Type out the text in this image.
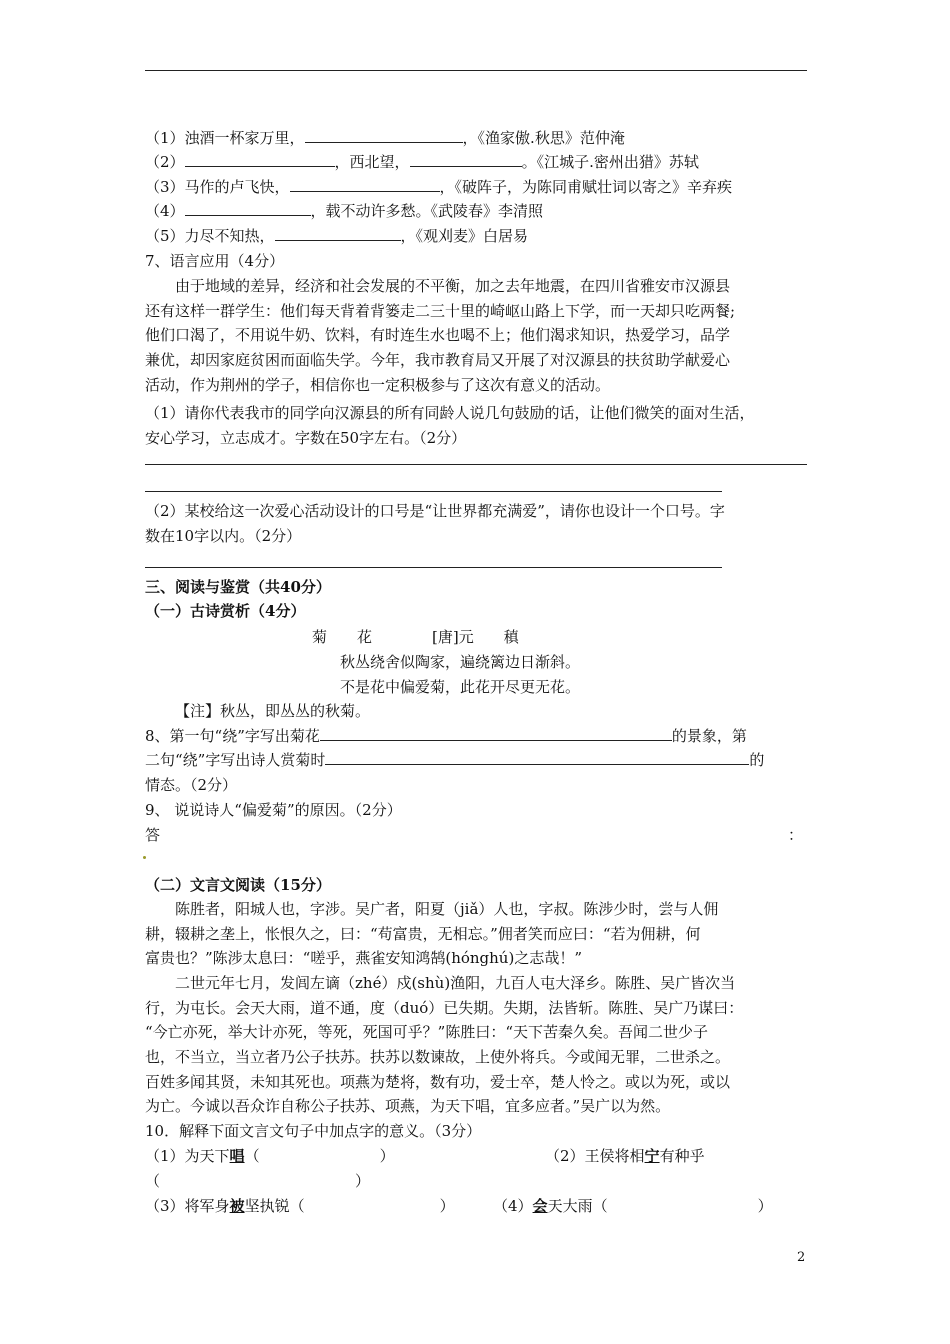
（1）浊酒一杯家万里，	，《渔家傲.秋思》范仲淹
（2）	，西北望，	。《江城子.密州出猎》苏轼
（3）马作的卢飞快，	，《破阵子，为陈同甫赋壮词以寄之》辛弃疾
（4）	，载不动许多愁。《武陵春》李清照
（5）力尽不知热，	，《观刈麦》白居易
7、语言应用（4分）
由于地域的差异，经济和社会发展的不平衡，加之去年地震，在四川省雅安市汉源县
还有这样一群学生：他们每天背着背篓走二三十里的崎岖山路上下学，而一天却只吃两餐;
他们口渴了，不用说牛奶、饮料，有时连生水也喝不上；他们渴求知识，热爱学习，品学
兼优，却因家庭贫困而面临失学。今年，我市教育局又开展了对汉源县的扶贫助学献爱心
活动，作为荆州的学子，相信你也一定积极参与了这次有意义的活动。
（1）请你代表我市的同学向汉源县的所有同龄人说几句鼓励的话，让他们微笑的面对生活，
安心学习，立志成才。字数在50字左右。（2分）
（2）某校给这一次爱心活动设计的口号是“让世界都充满爱”，请你也设计一个口号。字
数在10字以内。（2分）
三、阅读与鉴赏（共40分）
（一）古诗赏析（4分）
菊　　花　　　　[唐]元　　稹
秋丛绕舍似陶家，遍绕篱边日渐斜。
不是花中偏爱菊，此花开尽更无花。
【注】秋丛，即丛丛的秋菊。
8、第一句“绕”字写出菊花	的景象，第
二句“绕”字写出诗人赏菊时	的
情态。（2分）
9、 说说诗人“偏爱菊”的原因。（2分）
答	：
（二）文言文阅读（15分）
陈胜者，阳城人也，字涉。吴广者，阳夏（jiǎ）人也，字叔。陈涉少时，尝与人佣
耕，辍耕之垄上，怅恨久之，曰：“苟富贵，无相忘。”佣者笑而应曰：“若为佣耕，何
富贵也？”陈涉太息曰：“嗟乎，燕雀安知鸿鹄(hónghú)之志哉！”
二世元年七月，发闾左谪（zhé）戍(shù)渔阳，九百人屯大泽乡。陈胜、吴广皆次当
行，为屯长。会天大雨，道不通，度（duó）已失期。失期，法皆斩。陈胜、吴广乃谋曰：
“今亡亦死，举大计亦死，等死，死国可乎？”陈胜曰：“天下苦秦久矣。吾闻二世少子
也，不当立，当立者乃公子扶苏。扶苏以数谏故，上使外将兵。今或闻无罪，二世杀之。
百姓多闻其贤，未知其死也。项燕为楚将，数有功，爱士卒，楚人怜之。或以为死，或以
为亡。今诚以吾众诈自称公子扶苏、项燕，为天下唱，宜多应者。”吴广以为然。
10．解释下面文言文句子中加点字的意义。（3分）
（1）为天下唱（　　　　　　　　）	（2）王侯将相宁有种乎
（　　　　　　　　　　　　　）
（3）将军身被坚执锐（　　　　　　　　　）	（4）会天大雨（　　　　　　　　　　）
2
